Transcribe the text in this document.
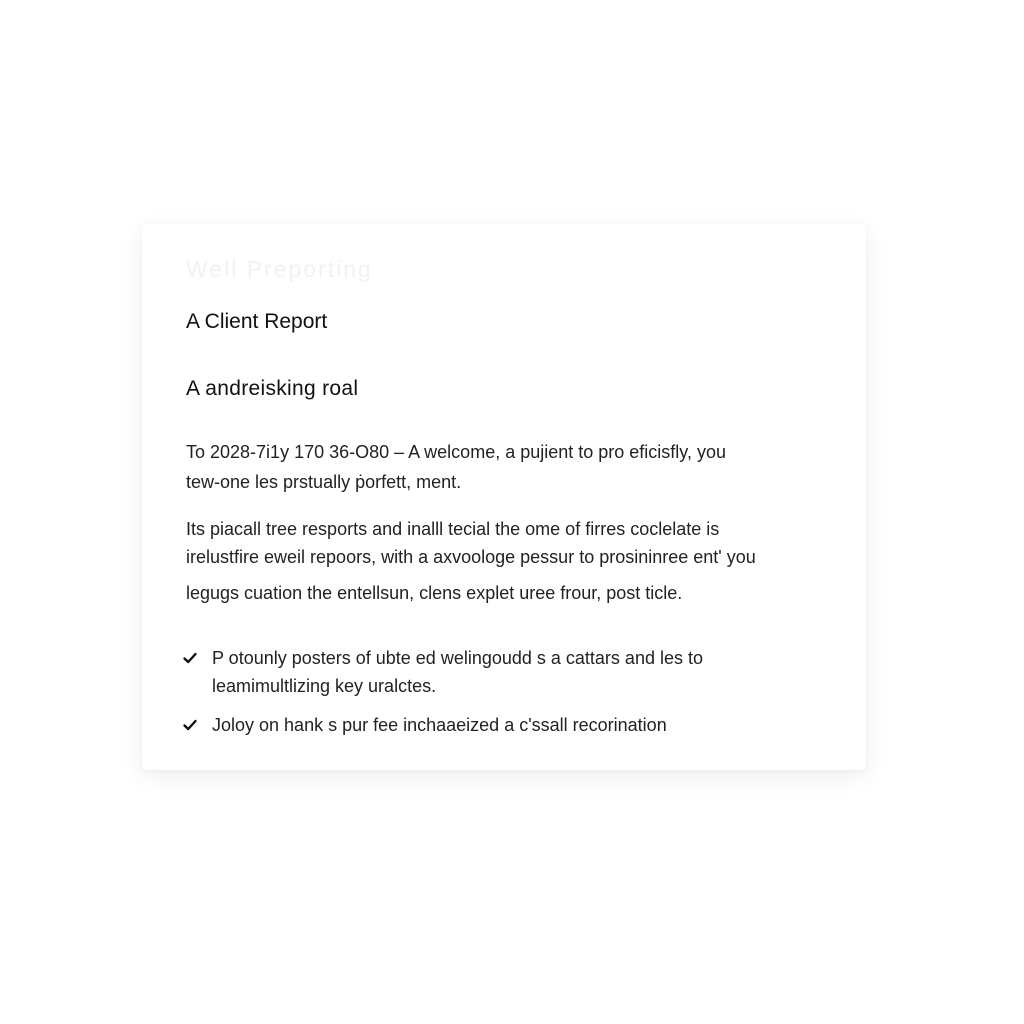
Well Preporting
A Client Report
A andreisking roal
To 2028-7i1y 170 36-O80 – A welcome, a pujient to pro eficisfly, you
tew-one les prstually ṗorfett, ment.
Its piacall tree resports and inalll tecial the ome of firres coclelate is
irelustfire eweil repoors, with a axvoologe pessur to prosininree ent' you
legugs cuation the entellsun, clens explet uree frour, post ticle.
P otounly posters of ubte ed welingoudd s a cattars and les to
leamimultlizing key uralctes.
Joloy on hank s pur fee inchaaeized a c'ssall recorination
